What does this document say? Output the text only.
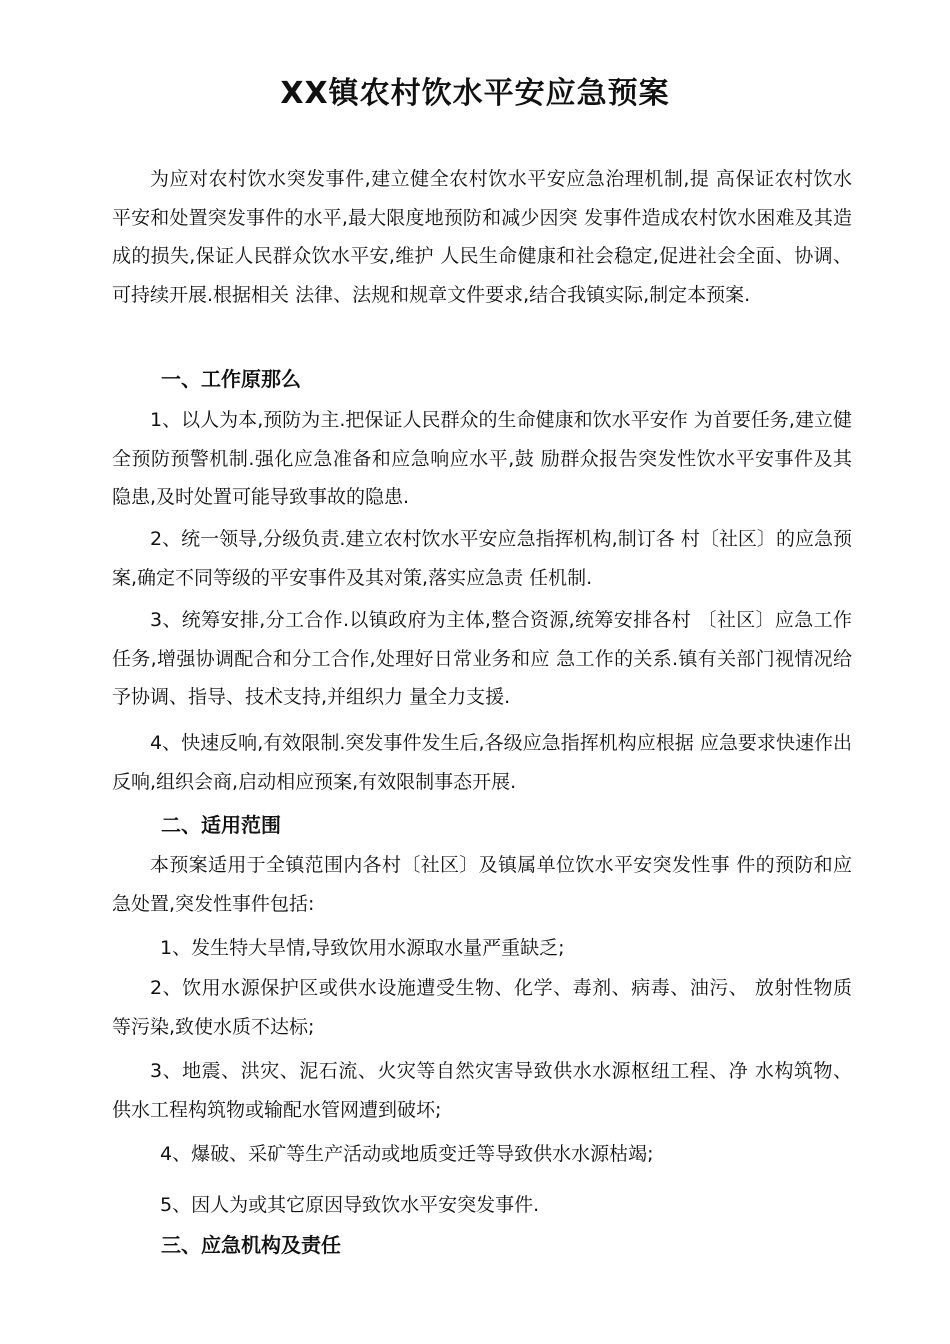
XX镇农村饮水平安应急预案

为应对农村饮水突发事件,建立健全农村饮水平安应急治理机制,提 高保证农村饮水平安和处置突发事件的水平,最大限度地预防和减少因突 发事件造成农村饮水困难及其造成的损失,保证人民群众饮水平安,维护 人民生命健康和社会稳定,促进社会全面、协调、可持续开展.根据相关 法律、法规和规章文件要求,结合我镇实际,制定本预案.

一、工作原那么

1、以人为本,预防为主.把保证人民群众的生命健康和饮水平安作 为首要任务,建立健全预防预警机制.强化应急准备和应急响应水平,鼓 励群众报告突发性饮水平安事件及其隐患,及时处置可能导致事故的隐患.

2、统一领导,分级负责.建立农村饮水平安应急指挥机构,制订各 村〔社区〕的应急预案,确定不同等级的平安事件及其对策,落实应急责 任机制.

3、统筹安排,分工合作.以镇政府为主体,整合资源,统筹安排各村 〔社区〕应急工作任务,增强协调配合和分工合作,处理好日常业务和应 急工作的关系.镇有关部门视情况给予协调、指导、技术支持,并组织力 量全力支援.

4、快速反响,有效限制.突发事件发生后,各级应急指挥机构应根据 应急要求快速作出反响,组织会商,启动相应预案,有效限制事态开展.

二、适用范围

本预案适用于全镇范围内各村〔社区〕及镇属单位饮水平安突发性事 件的预防和应急处置,突发性事件包括:

1、发生特大旱情,导致饮用水源取水量严重缺乏;

2、饮用水源保护区或供水设施遭受生物、化学、毒剂、病毒、油污、 放射性物质等污染,致使水质不达标;

3、地震、洪灾、泥石流、火灾等自然灾害导致供水水源枢纽工程、净 水构筑物、供水工程构筑物或输配水管网遭到破坏;

4、爆破、采矿等生产活动或地质变迁等导致供水水源枯竭;

5、因人为或其它原因导致饮水平安突发事件.

三、应急机构及责任
